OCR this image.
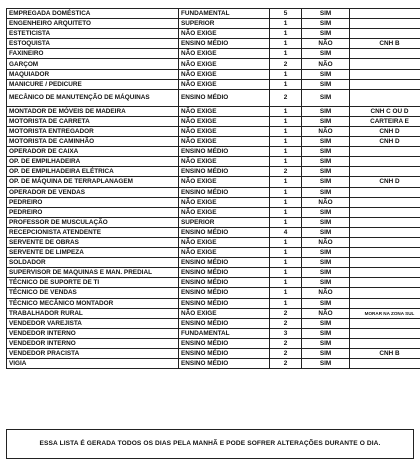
EMPREGADA DOMÉSTICA	FUNDAMENTAL	5	SIM	
ENGENHEIRO ARQUITETO	SUPERIOR	1	SIM	
ESTETICISTA	NÃO EXIGE	1	SIM	
ESTOQUISTA	ENSINO MÉDIO	1	NÃO	CNH B
FAXINEIRO	NÃO EXIGE	1	SIM	
GARÇOM	NÃO EXIGE	2	NÃO	
MAQUIADOR	NÃO EXIGE	1	SIM	
MANICURE / PEDICURE	NÃO EXIGE	1	SIM	
MECÂNICO DE MANUTENÇÃO DE MÁQUINAS	ENSINO MÉDIO	2	SIM	
MONTADOR DE MÓVEIS DE MADEIRA	NÃO EXIGE	1	SIM	CNH C OU D
MOTORISTA DE CARRETA	NÃO EXIGE	1	SIM	CARTEIRA E
MOTORISTA ENTREGADOR	NÃO EXIGE	1	NÃO	CNH D
MOTORISTA DE CAMINHÃO	NÃO EXIGE	1	SIM	CNH D
OPERADOR DE CAIXA	ENSINO MÉDIO	1	SIM	
OP. DE EMPILHADEIRA	NÃO EXIGE	1	SIM	
OP. DE EMPILHADEIRA ELÉTRICA	ENSINO MÉDIO	2	SIM	
OP. DE MÁQUINA DE TERRAPLANAGEM	NÃO EXIGE	1	SIM	CNH D
OPERADOR DE VENDAS	ENSINO MÉDIO	1	SIM	
PEDREIRO	NÃO EXIGE	1	NÃO	
PEDREIRO	NÃO EXIGE	1	SIM	
PROFESSOR DE MUSCULAÇÃO	SUPERIOR	1	SIM	
RECEPCIONISTA ATENDENTE	ENSINO MÉDIO	4	SIM	
SERVENTE DE OBRAS	NÃO EXIGE	1	NÃO	
SERVENTE DE LIMPEZA	NÃO EXIGE	1	SIM	
SOLDADOR	ENSINO MÉDIO	1	SIM	
SUPERVISOR DE MAQUINAS E MAN. PREDIAL	ENSINO MÉDIO	1	SIM	
TÉCNICO DE SUPORTE DE TI	ENSINO MÉDIO	1	SIM	
TÉCNICO DE VENDAS	ENSINO MÉDIO	1	NÃO	
TÉCNICO MECÂNICO MONTADOR	ENSINO MÉDIO	1	SIM	
TRABALHADOR RURAL	NÃO EXIGE	2	NÃO	MORAR NA ZONA SUL
VENDEDOR VAREJISTA	ENSINO MÉDIO	2	SIM	
VENDEDOR INTERNO	FUNDAMENTAL	3	SIM	
VENDEDOR INTERNO	ENSINO MÉDIO	2	SIM	
VENDEDOR PRACISTA	ENSINO MÉDIO	2	SIM	CNH B
VIGIA	ENSINO MÉDIO	2	SIM	
ESSA LISTA É GERADA TODOS OS DIAS PELA MANHÃ E PODE SOFRER ALTERAÇÕES DURANTE O DIA.
